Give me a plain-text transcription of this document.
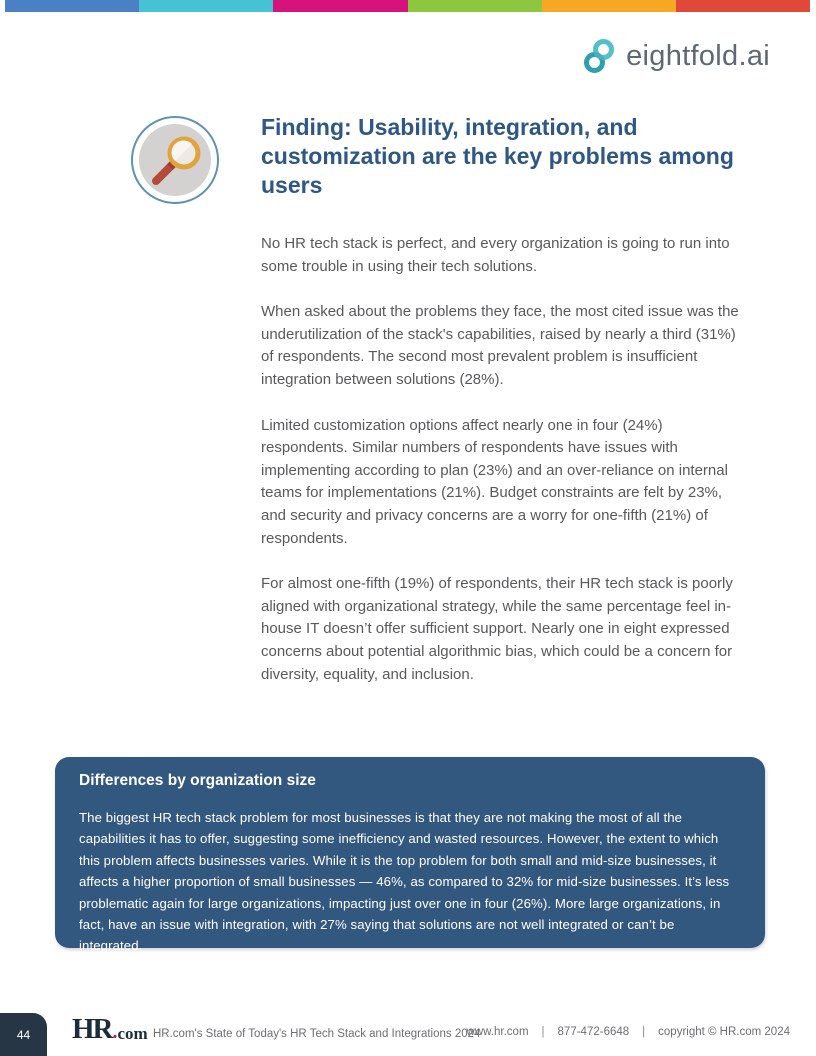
eightfold.ai
Finding: Usability, integration, and customization are the key problems among users

No HR tech stack is perfect, and every organization is going to run into some trouble in using their tech solutions.

When asked about the problems they face, the most cited issue was the underutilization of the stack's capabilities, raised by nearly a third (31%) of respondents. The second most prevalent problem is insufficient integration between solutions (28%).

Limited customization options affect nearly one in four (24%) respondents. Similar numbers of respondents have issues with implementing according to plan (23%) and an over-reliance on internal teams for implementations (21%). Budget constraints are felt by 23%, and security and privacy concerns are a worry for one-fifth (21%) of respondents.

For almost one-fifth (19%) of respondents, their HR tech stack is poorly aligned with organizational strategy, while the same percentage feel in-house IT doesn’t offer sufficient support. Nearly one in eight expressed concerns about potential algorithmic bias, which could be a concern for diversity, equality, and inclusion.

Differences by organization size

The biggest HR tech stack problem for most businesses is that they are not making the most of all the capabilities it has to offer, suggesting some inefficiency and wasted resources. However, the extent to which this problem affects businesses varies. While it is the top problem for both small and mid-size businesses, it affects a higher proportion of small businesses — 46%, as compared to 32% for mid-size businesses. It’s less problematic again for large organizations, impacting just over one in four (26%). More large organizations, in fact, have an issue with integration, with 27% saying that solutions are not well integrated or can’t be integrated.

44 HR . com HR.com's State of Today's HR Tech Stack and Integrations 2024
www.hr.com | 877-472-6648 | copyright © HR.com 2024
